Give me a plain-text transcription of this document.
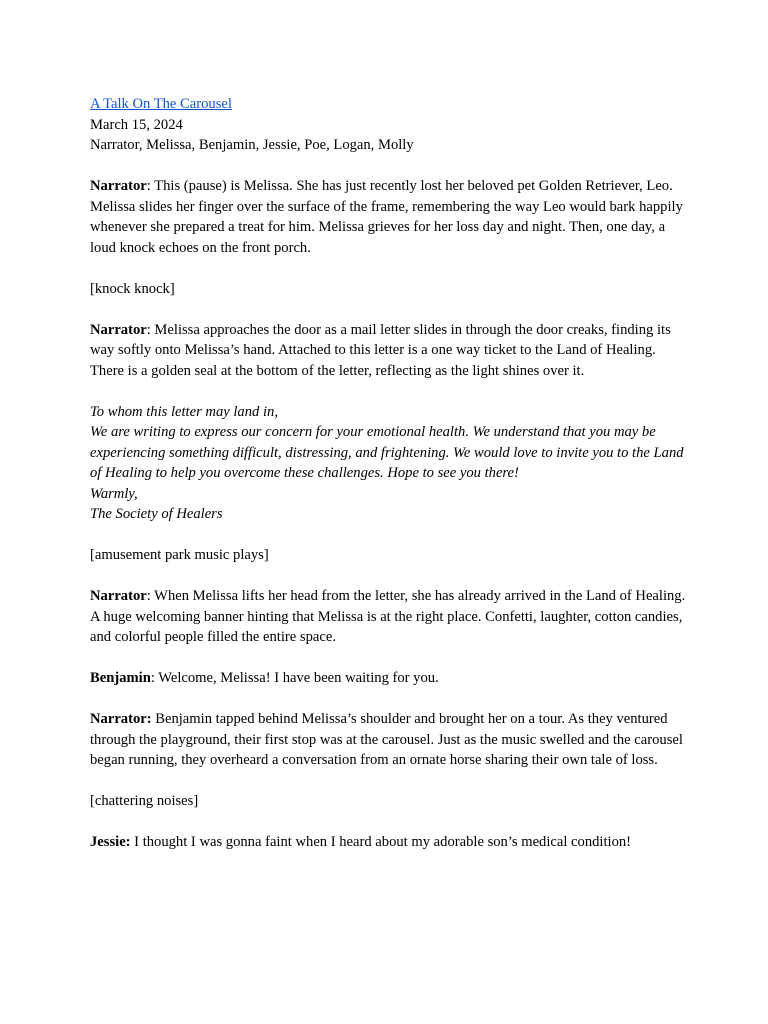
A Talk On The Carousel

March 15, 2024

Narrator, Melissa, Benjamin, Jessie, Poe, Logan, Molly

Narrator: This (pause) is Melissa. She has just recently lost her beloved pet Golden Retriever, Leo. Melissa slides her finger over the surface of the frame, remembering the way Leo would bark happily whenever she prepared a treat for him. Melissa grieves for her loss day and night. Then, one day, a loud knock echoes on the front porch.

[knock knock]

Narrator: Melissa approaches the door as a mail letter slides in through the door creaks, finding its way softly onto Melissa’s hand. Attached to this letter is a one way ticket to the Land of Healing. There is a golden seal at the bottom of the letter, reflecting as the light shines over it.

To whom this letter may land in,

We are writing to express our concern for your emotional health. We understand that you may be experiencing something difficult, distressing, and frightening. We would love to invite you to the Land of Healing to help you overcome these challenges. Hope to see you there!

Warmly,

The Society of Healers

[amusement park music plays]

Narrator: When Melissa lifts her head from the letter, she has already arrived in the Land of Healing. A huge welcoming banner hinting that Melissa is at the right place. Confetti, laughter, cotton candies, and colorful people filled the entire space.

Benjamin: Welcome, Melissa! I have been waiting for you.

Narrator: Benjamin tapped behind Melissa’s shoulder and brought her on a tour. As they ventured through the playground, their first stop was at the carousel. Just as the music swelled and the carousel began running, they overheard a conversation from an ornate horse sharing their own tale of loss.

[chattering noises]

Jessie: I thought I was gonna faint when I heard about my adorable son’s medical condition!
